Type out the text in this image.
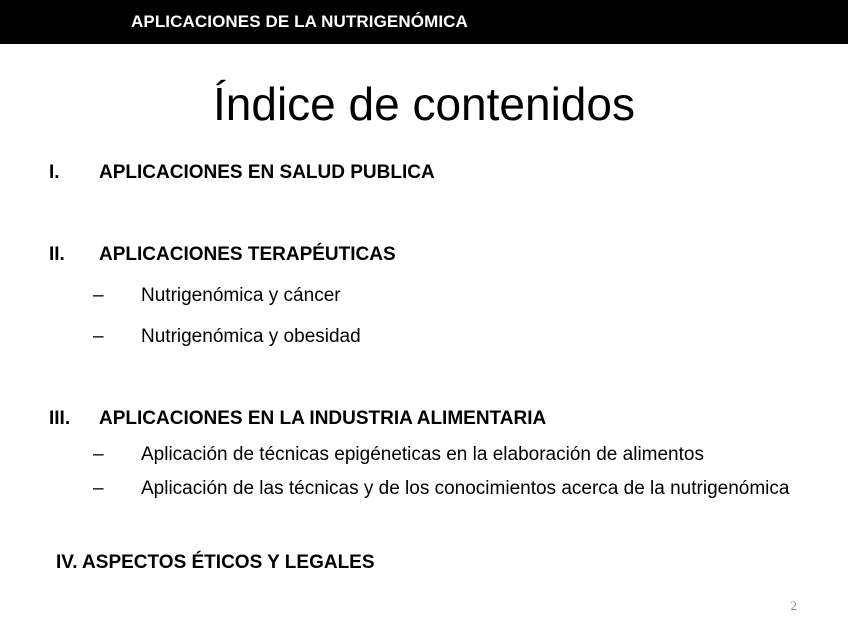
APLICACIONES DE LA NUTRIGENÓMICA
Índice de contenidos
I. APLICACIONES EN SALUD PUBLICA
II. APLICACIONES TERAPÉUTICAS
– Nutrigenómica y cáncer
– Nutrigenómica y obesidad
III. APLICACIONES EN LA INDUSTRIA ALIMENTARIA
– Aplicación de técnicas epigéneticas en la elaboración de alimentos
– Aplicación de las técnicas y de los conocimientos acerca de la nutrigenómica
IV. ASPECTOS ÉTICOS Y LEGALES
2
